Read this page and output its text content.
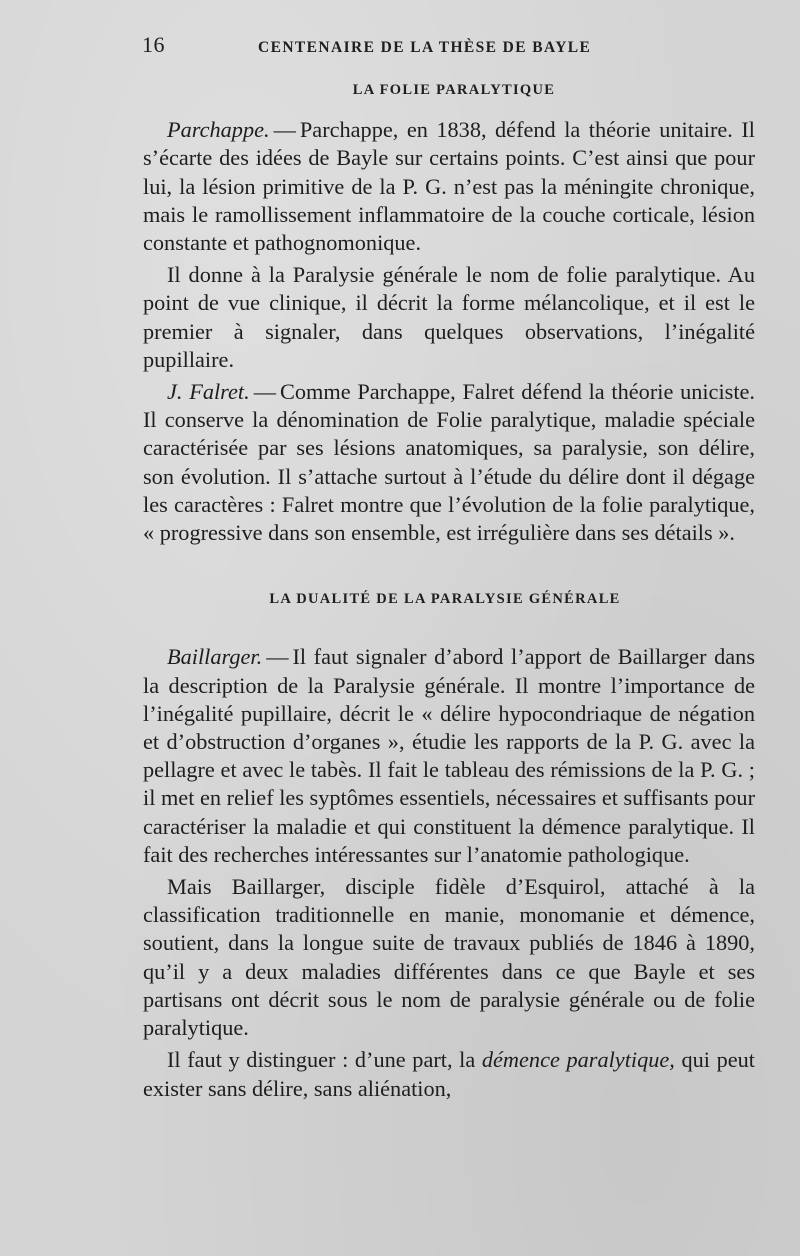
16	CENTENAIRE DE LA THÈSE DE BAYLE
LA FOLIE PARALYTIQUE

Parchappe. — Parchappe, en 1838, défend la théorie unitaire. Il s’écarte des idées de Bayle sur certains points. C’est ainsi que pour lui, la lésion primitive de la P. G. n’est pas la méningite chronique, mais le ramollissement inflammatoire de la couche corticale, lésion constante et pathognomonique.

Il donne à la Paralysie générale le nom de folie paralytique. Au point de vue clinique, il décrit la forme mélancolique, et il est le premier à signaler, dans quelques observations, l’inégalité pupillaire.

J. Falret. — Comme Parchappe, Falret défend la théorie uniciste. Il conserve la dénomination de Folie paralytique, maladie spéciale caractérisée par ses lésions anatomiques, sa paralysie, son délire, son évolution. Il s’attache surtout à l’étude du délire dont il dégage les caractères : Falret montre que l’évolution de la folie paralytique, « progressive dans son ensemble, est irrégulière dans ses détails ».

LA DUALITÉ DE LA PARALYSIE GÉNÉRALE

Baillarger. — Il faut signaler d’abord l’apport de Baillarger dans la description de la Paralysie générale. Il montre l’importance de l’inégalité pupillaire, décrit le « délire hypocondriaque de négation et d’obstruction d’organes », étudie les rapports de la P. G. avec la pellagre et avec le tabès. Il fait le tableau des rémissions de la P. G. ; il met en relief les syptômes essentiels, nécessaires et suffisants pour caractériser la maladie et qui constituent la démence paralytique. Il fait des recherches intéressantes sur l’anatomie pathologique.

Mais Baillarger, disciple fidèle d’Esquirol, attaché à la classification traditionnelle en manie, monomanie et démence, soutient, dans la longue suite de travaux publiés de 1846 à 1890, qu’il y a deux maladies différentes dans ce que Bayle et ses partisans ont décrit sous le nom de paralysie générale ou de folie paralytique.

Il faut y distinguer : d’une part, la démence paralytique, qui peut exister sans délire, sans aliénation,
